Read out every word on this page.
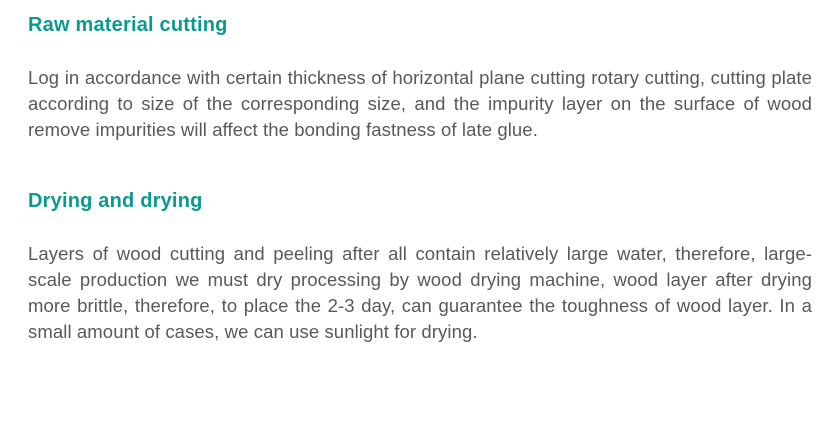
Raw material cutting

Log in accordance with certain thickness of horizontal plane cutting rotary cutting, cutting plate according to size of the corresponding size, and the impurity layer on the surface of wood remove impurities will affect the bonding fastness of late glue.

Drying and drying

Layers of wood cutting and peeling after all contain relatively large water, therefore, large-scale production we must dry processing by wood drying machine, wood layer after drying more brittle, therefore, to place the 2-3 day, can guarantee the toughness of wood layer. In a small amount of cases, we can use sunlight for drying.
